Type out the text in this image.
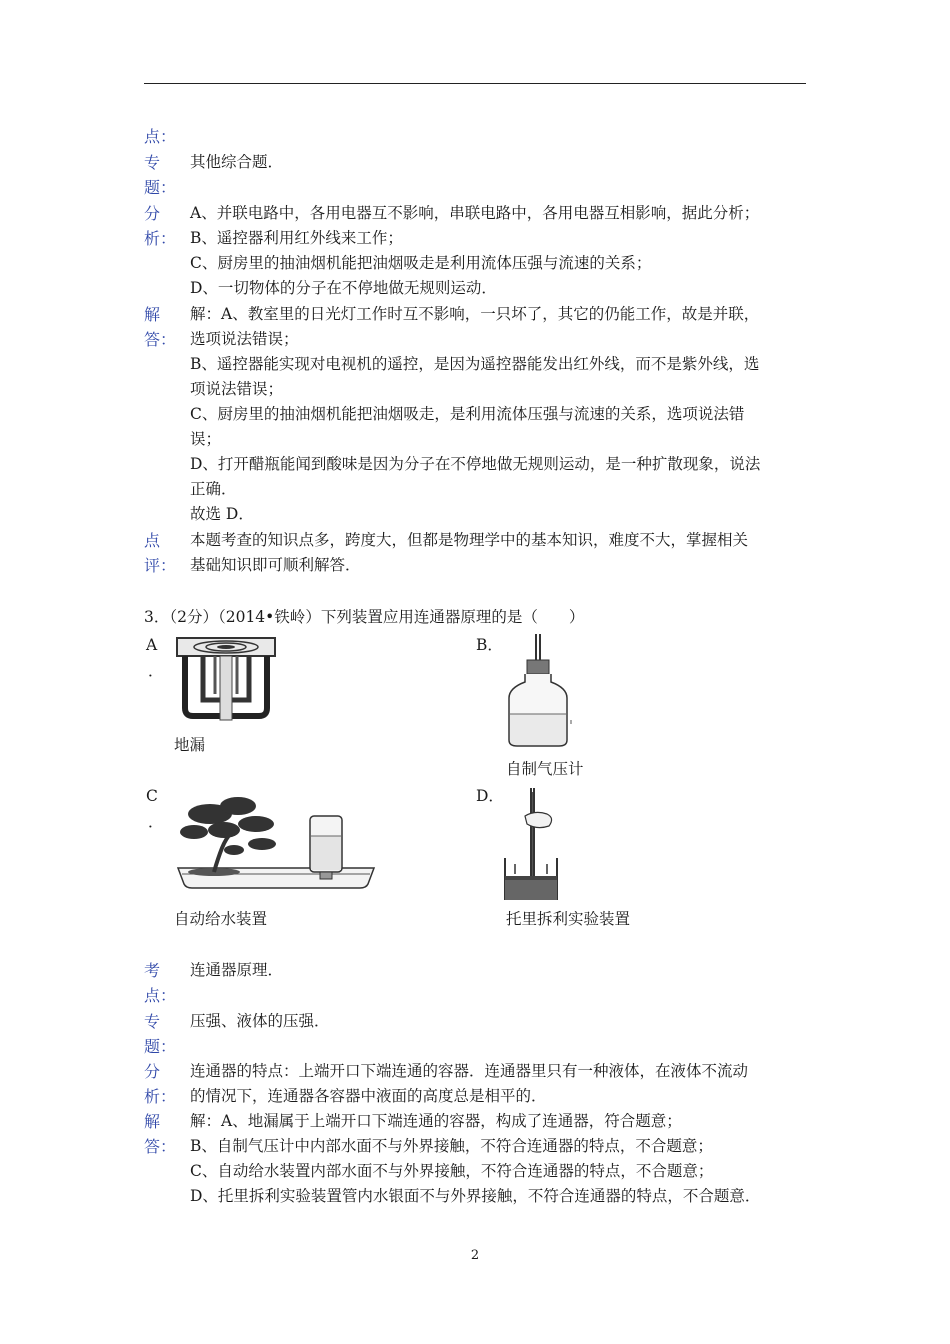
点：
专
题：
其他综合题．
分
析：
A、并联电路中，各用电器互不影响，串联电路中，各用电器互相影响，据此分析；
B、遥控器利用红外线来工作；
C、厨房里的抽油烟机能把油烟吸走是利用流体压强与流速的关系；
D、一切物体的分子在不停地做无规则运动．
解
答：
解：A、教室里的日光灯工作时互不影响，一只坏了，其它的仍能工作，故是并联，
选项说法错误；
B、遥控器能实现对电视机的遥控，是因为遥控器能发出红外线，而不是紫外线，选
项说法错误；
C、厨房里的抽油烟机能把油烟吸走，是利用流体压强与流速的关系，选项说法错
误；
D、打开醋瓶能闻到酸味是因为分子在不停地做无规则运动，是一种扩散现象，说法
正确．
故选 D．
点
评：
本题考查的知识点多，跨度大，但都是物理学中的基本知识，难度不大，掌握相关
基础知识即可顺利解答．
3．（2分）（2014•铁岭）下列装置应用连通器原理的是（　　）
A
．
地漏
B．
自制气压计
C
．
自动给水装置
D．
托里拆利实验装置
考
点：
连通器原理．
专
题：
压强、液体的压强．
分
析：
连通器的特点：上端开口下端连通的容器．连通器里只有一种液体，在液体不流动
的情况下，连通器各容器中液面的高度总是相平的．
解
答：
解：A、地漏属于上端开口下端连通的容器，构成了连通器，符合题意；
B、自制气压计中内部水面不与外界接触，不符合连通器的特点，不合题意；
C、自动给水装置内部水面不与外界接触，不符合连通器的特点，不合题意；
D、托里拆利实验装置管内水银面不与外界接触，不符合连通器的特点，不合题意．
2
